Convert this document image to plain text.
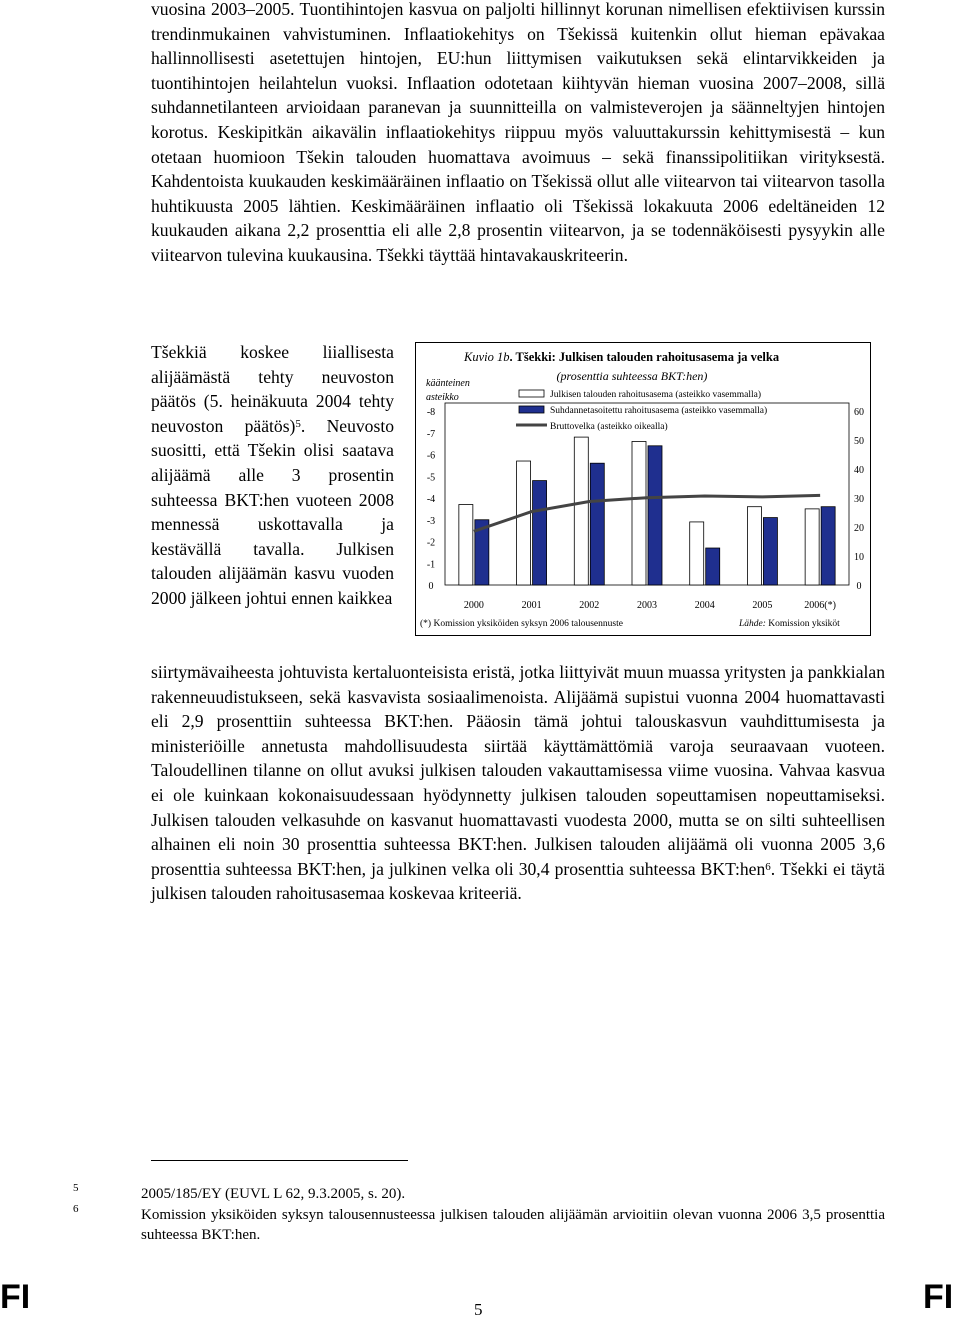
vuosina 2003–2005. Tuontihintojen kasvua on paljolti hillinnyt korunan nimellisen efektiivisen kurssin trendinmukainen vahvistuminen. Inflaatiokehitys on Tšekissä kuitenkin ollut hieman epävakaa hallinnollisesti asetettujen hintojen, EU:hun liittymisen vaikutuksen sekä elintarvikkeiden ja tuontihintojen heilahtelun vuoksi. Inflaation odotetaan kiihtyvän hieman vuosina 2007–2008, sillä suhdannetilanteen arvioidaan paranevan ja suunnitteilla on valmisteverojen ja säänneltyjen hintojen korotus. Keskipitkän aikavälin inflaatiokehitys riippuu myös valuuttakurssin kehittymisestä – kun otetaan huomioon Tšekin talouden huomattava avoimuus – sekä finanssipolitiikan virityksestä. Kahdentoista kuukauden keskimääräinen inflaatio on Tšekissä ollut alle viitearvon tai viitearvon tasolla huhtikuusta 2005 lähtien. Keskimääräinen inflaatio oli Tšekissä lokakuuta 2006 edeltäneiden 12 kuukauden aikana 2,2 prosenttia eli alle 2,8 prosentin viitearvon, ja se todennäköisesti pysyykin alle viitearvon tulevina kuukausina. Tšekki täyttää hintavakauskriteerin.

Tšekkiä koskee liiallisesta alijäämästä tehty neuvoston päätös (5. heinäkuuta 2004 tehty neuvoston päätös)$^5$. Neuvosto suositti, että Tšekin olisi saatava alijäämä alle 3 prosentin suhteessa BKT:hen vuoteen 2008 mennessä uskottavalla ja kestävällä tavalla. Julkisen talouden alijäämän kasvu vuoden 2000 jälkeen johtui ennen kaikkea

Kuvio 1b. Tšekki: Julkisen talouden rahoitusasema ja velka
(prosenttia suhteessa BKT:hen)
käänteinen
asteikko	Julkisen talouden rahoitusasema (asteikko vasemmalla)
Suhdannetasoitettu rahoitusasema (asteikko vasemmalla)
Bruttovelka (asteikko oikealla)
-8
-7
-6
-5
-4
-3
-2
-1
0
60
50
40
30
20
10
0
2000	2001	2002	2003	2004	2005	2006(*)
(*) Komission yksiköiden syksyn 2006 talousennuste	Lähde: Komission yksiköt

siirtymävaiheesta johtuvista kertaluonteisista eristä, jotka liittyivät muun muassa yritysten ja pankkialan rakenneuudistukseen, sekä kasvavista sosiaalimenoista. Alijäämä supistui vuonna 2004 huomattavasti eli 2,9 prosenttiin suhteessa BKT:hen. Pääosin tämä johtui talouskasvun vauhdittumisesta ja ministeriöille annetusta mahdollisuudesta siirtää käyttämättömiä varoja seuraavaan vuoteen. Taloudellinen tilanne on ollut avuksi julkisen talouden vakauttamisessa viime vuosina. Vahvaa kasvua ei ole kuinkaan kokonaisuudessaan hyödynnetty julkisen talouden sopeuttamisen nopeuttamiseksi. Julkisen talouden velkasuhde on kasvanut huomattavasti vuodesta 2000, mutta se on silti suhteellisen alhainen eli noin 30 prosenttia suhteessa BKT:hen. Julkisen talouden alijäämä oli vuonna 2005 3,6 prosenttia suhteessa BKT:hen, ja julkinen velka oli 30,4 prosenttia suhteessa BKT:hen$^6$. Tšekki ei täytä julkisen talouden rahoitusasemaa koskevaa kriteeriä.

5	2005/185/EY (EUVL L 62, 9.3.2005, s. 20).
6	Komission yksiköiden syksyn talousennusteessa julkisen talouden alijäämän arvioitiin olevan vuonna 2006 3,5 prosenttia suhteessa BKT:hen.
FI	5	FI
